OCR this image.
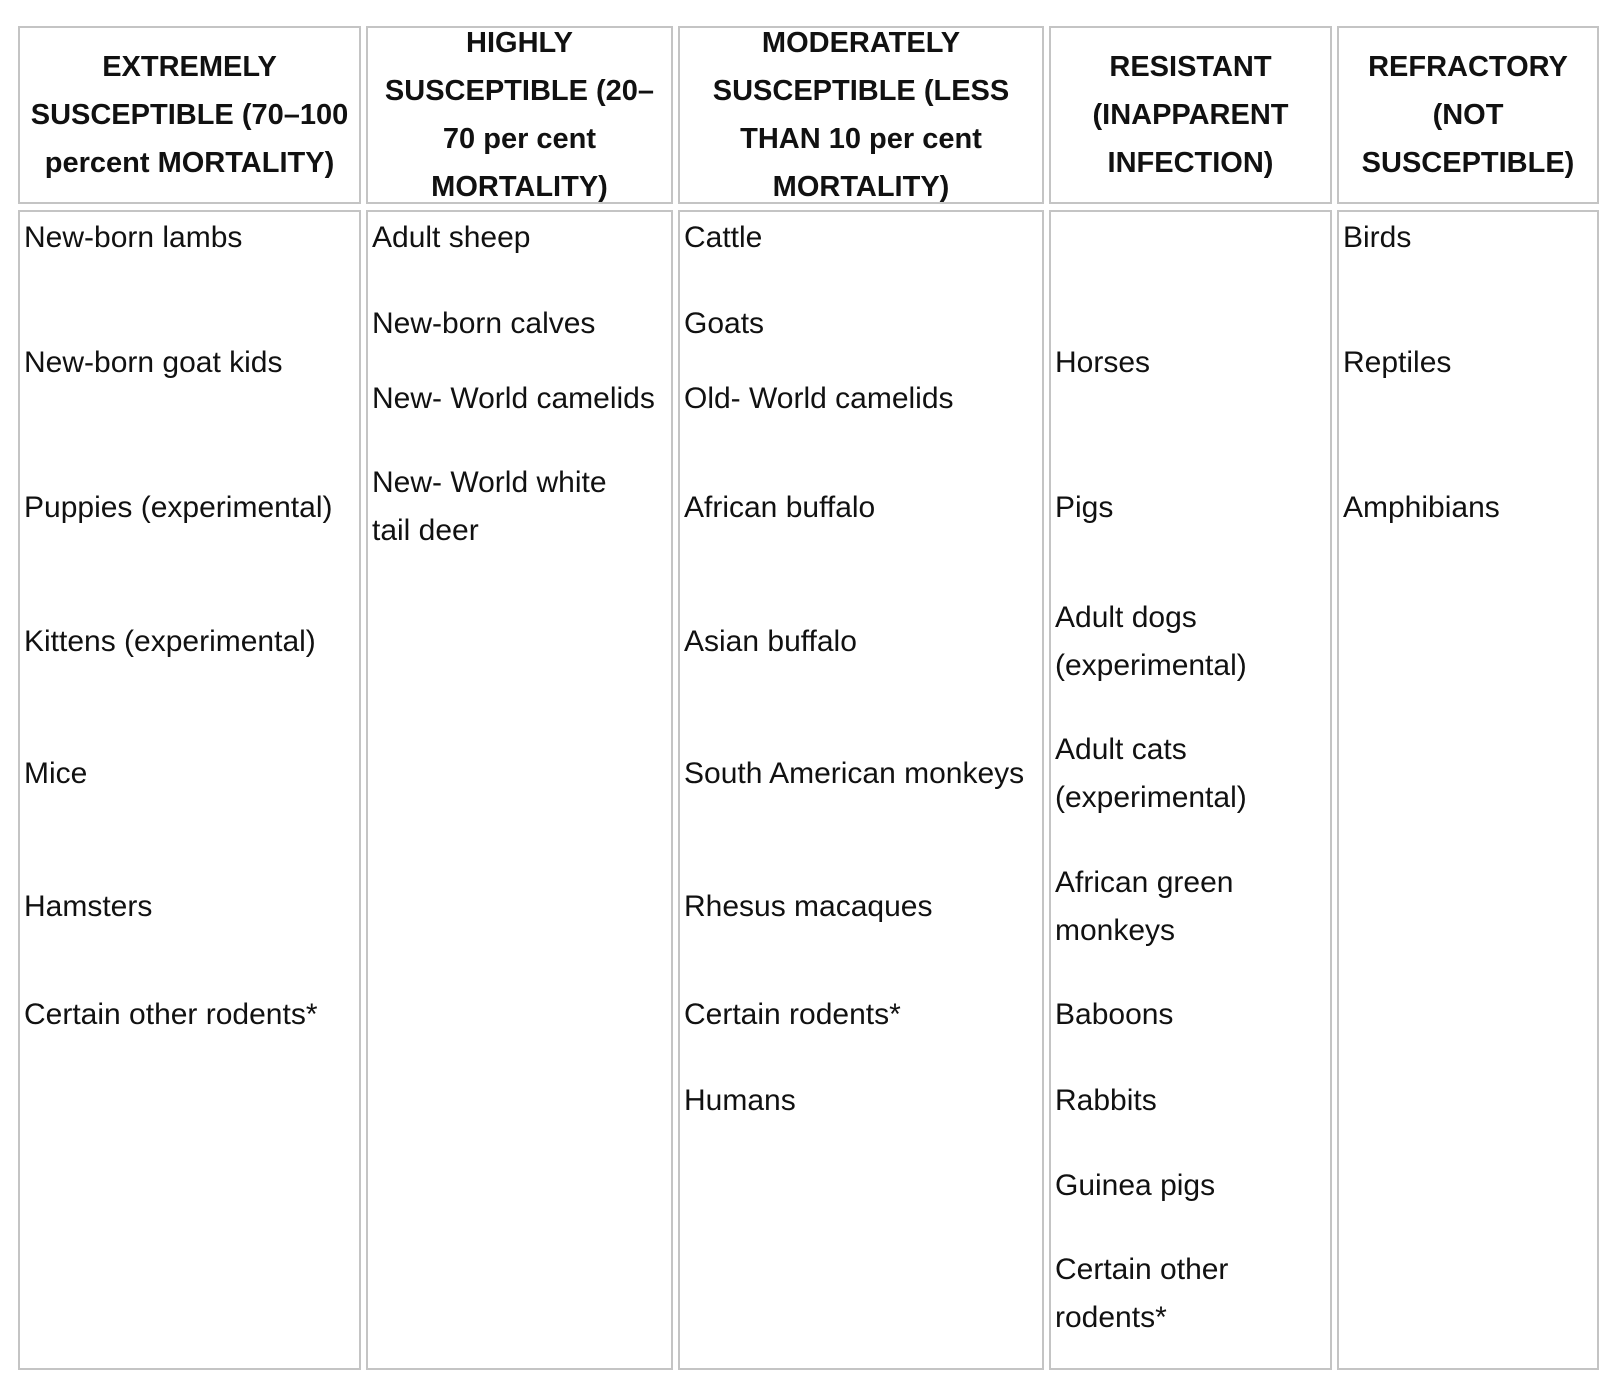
EXTREMELY SUSCEPTIBLE (70–100 percent MORTALITY)
New-born lambs
New-born goat kids
Puppies (experimental)
Kittens (experimental)
Mice
Hamsters
Certain other rodents*
HIGHLY SUSCEPTIBLE (20–70 per cent MORTALITY)
Adult sheep
New-born calves
New- World camelids
New- World white tail deer
MODERATELY SUSCEPTIBLE (LESS THAN 10 per cent MORTALITY)
Cattle
Goats
Old- World camelids
African buffalo
Asian buffalo
South American monkeys
Rhesus macaques
Certain rodents*
Humans
RESISTANT (INAPPARENT INFECTION)
Horses
Pigs
Adult dogs (experimental)
Adult cats (experimental)
African green monkeys
Baboons
Rabbits
Guinea pigs
Certain other rodents*
REFRACTORY (NOT SUSCEPTIBLE)
Birds
Reptiles
Amphibians
